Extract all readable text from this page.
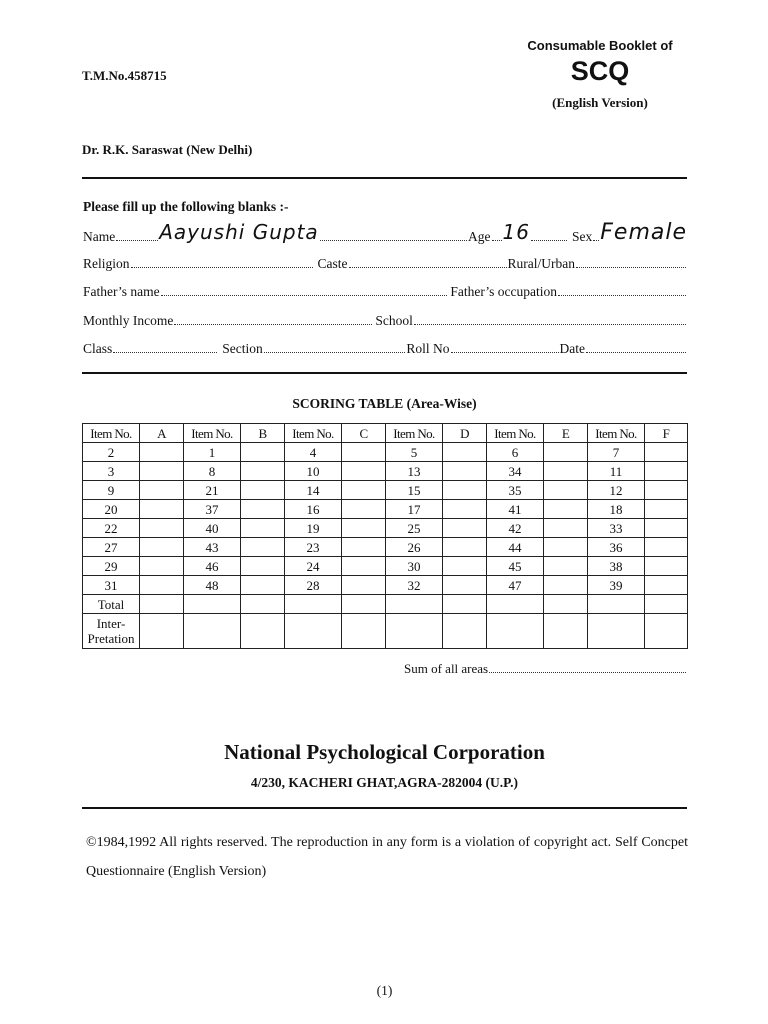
Consumable Booklet of
SCQ
(English Version)
T.M.No.458715
Dr. R.K. Saraswat (New Delhi)
Please fill up the following blanks :-
Name Aayushi Gupta	Age 16	Sex Female
Religion	Caste	Rural/Urban
Father’s name	Father’s occupation
Monthly Income	School
Class	Section	Roll No	Date
SCORING TABLE (Area-Wise)
Item No.	A	Item No.	B	Item No.	C	Item No.	D	Item No.	E	Item No.	F
2		1		4		5		6		7	
3		8		10		13		34		11	
9		21		14		15		35		12	
20		37		16		17		41		18	
22		40		19		25		42		33	
27		43		23		26		44		36	
29		46		24		30		45		38	
31		48		28		32		47		39	
Total											
Inter-
Pretation											
Sum of all areas
National Psychological Corporation
4/230, KACHERI GHAT,AGRA-282004 (U.P.)
©1984,1992 All rights reserved. The reproduction in any form is a violation of copyright act. Self Concpet Questionnaire (English Version)
(1)
